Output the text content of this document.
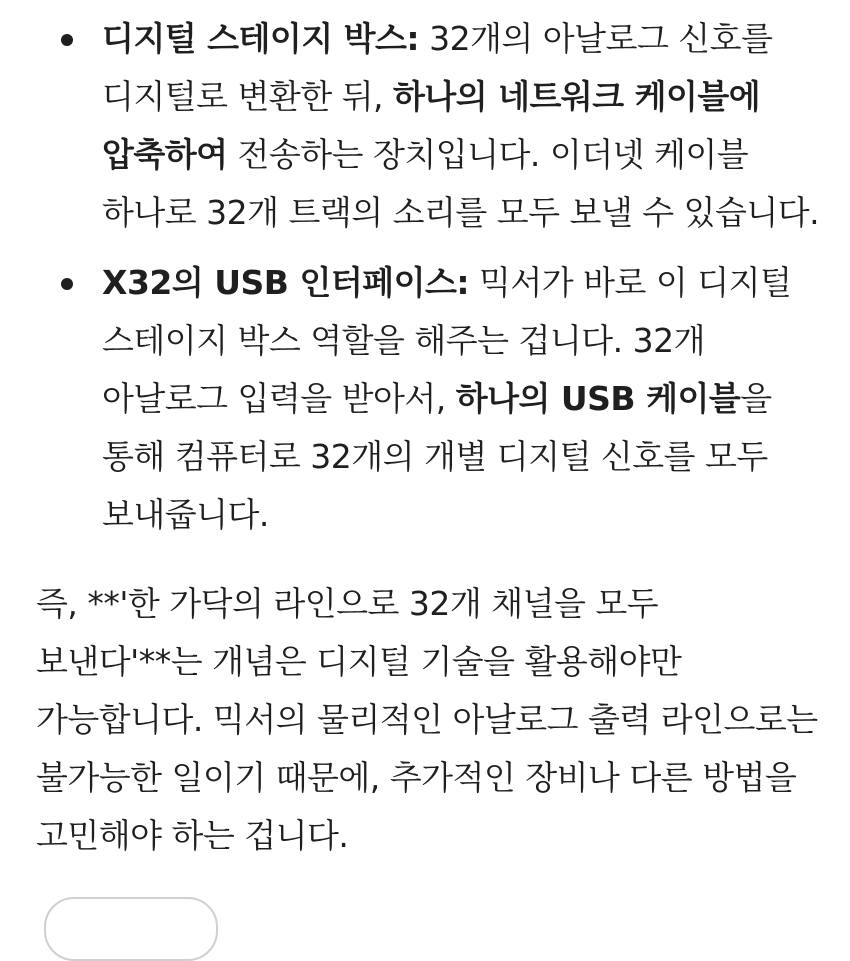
디지털 스테이지 박스: 32개의 아날로그 신호를
디지털로 변환한 뒤, 하나의 네트워크 케이블에
압축하여 전송하는 장치입니다. 이더넷 케이블
하나로 32개 트랙의 소리를 모두 보낼 수 있습니다.
X32의 USB 인터페이스: 믹서가 바로 이 디지털
스테이지 박스 역할을 해주는 겁니다. 32개
아날로그 입력을 받아서, 하나의 USB 케이블을
통해 컴퓨터로 32개의 개별 디지털 신호를 모두
보내줍니다.

즉, **'한 가닥의 라인으로 32개 채널을 모두
보낸다'**는 개념은 디지털 기술을 활용해야만
가능합니다. 믹서의 물리적인 아날로그 출력 라인으로는
불가능한 일이기 때문에, 추가적인 장비나 다른 방법을
고민해야 하는 겁니다.
